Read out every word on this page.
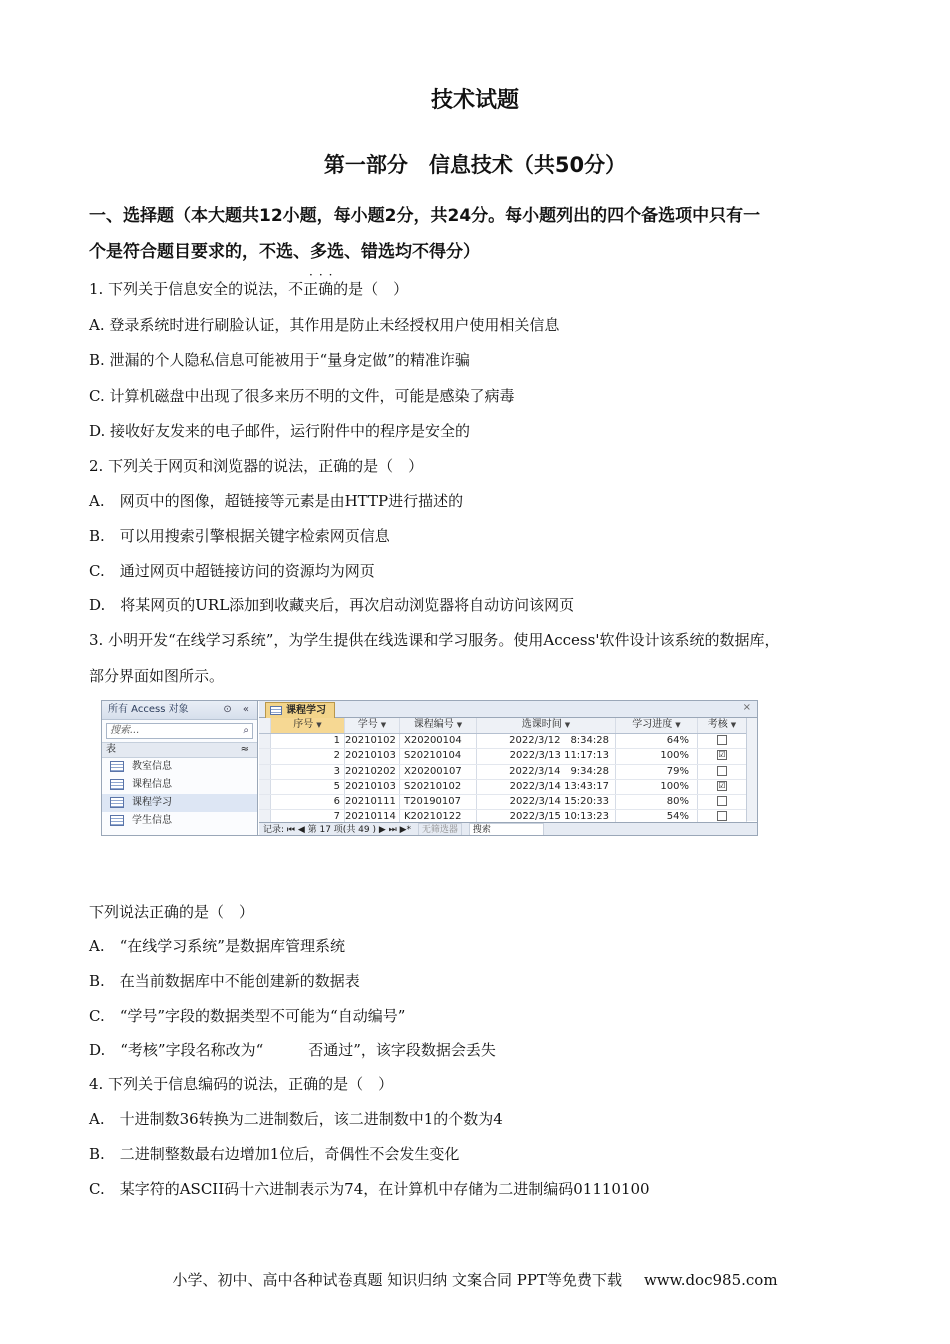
技术试题
第一部分　信息技术（共50分）
一、选择题（本大题共12小题，每小题2分，共24分。每小题列出的四个备选项中只有一
个是符合题目要求的，不选、多选、错选均不得分）
···
1. 下列关于信息安全的说法，不正确的是（　）
A. 登录系统时进行刷脸认证，其作用是防止未经授权用户使用相关信息
B. 泄漏的个人隐私信息可能被用于“量身定做”的精准诈骗
C. 计算机磁盘中出现了很多来历不明的文件，可能是感染了病毒
D. 接收好友发来的电子邮件，运行附件中的程序是安全的
2. 下列关于网页和浏览器的说法，正确的是（　）
A.　网页中的图像，超链接等元素是由HTTP进行描述的
B.　可以用搜索引擎根据关键字检索网页信息
C.　通过网页中超链接访问的资源均为网页
D.　将某网页的URL添加到收藏夹后，再次启动浏览器将自动访问该网页
3. 小明开发“在线学习系统”，为学生提供在线选课和学习服务。使用Access'软件设计该系统的数据库，
部分界面如图所示。
所有 Access 对象	⊙ «
搜索...	⌕
表	≈
教室信息
课程信息
课程学习
学生信息
课程学习	×
序号 ▼	学号 ▼	课程编号 ▼	选课时间 ▼	学习进度 ▼	考核 ▼
1 20210102 X20200104	2022/3/12　8:34:28	64%
2 20210103 S20210104	2022/3/13 11:17:13	100%	☑
3 20210202 X20200107	2022/3/14　9:34:28	79%
5 20210103 S20210102	2022/3/14 13:43:17	100%	☑
6 20210111 T20190107	2022/3/14 15:20:33	80%
7 20210114 K20210122	2022/3/15 10:13:23	54%
记录: ⏮ ◀ 第 17 项(共 49 ) ▶ ⏭ ▶* 无筛选器 搜索
下列说法正确的是（　）
A.　“在线学习系统”是数据库管理系统
B.　在当前数据库中不能创建新的数据表
C.　“学号”字段的数据类型不可能为“自动编号”
D.　“考核”字段名称改为“　　　否通过”，该字段数据会丢失
4. 下列关于信息编码的说法，正确的是（　）
A.　十进制数36转换为二进制数后，该二进制数中1的个数为4
B.　二进制整数最右边增加1位后，奇偶性不会发生变化
C.　某字符的ASCII码十六进制表示为74，在计算机中存储为二进制编码01110100
小学、初中、高中各种试卷真题 知识归纳 文案合同 PPT等免费下载 www.doc985.com
